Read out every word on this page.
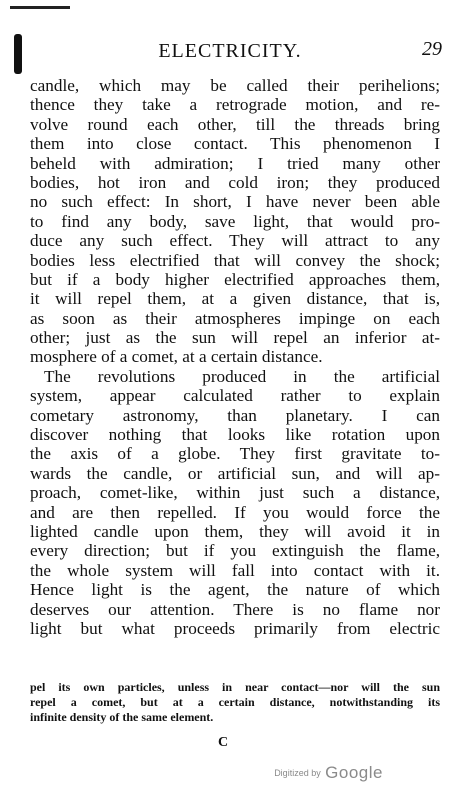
ELECTRICITY.	29
candle, which may be called their perihelions;
thence they take a retrograde motion, and re-
volve round each other, till the threads bring
them into close contact. This phenomenon I
beheld with admiration; I tried many other
bodies, hot iron and cold iron; they produced
no such effect: In short, I have never been able
to find any body, save light, that would pro-
duce any such effect. They will attract to any
bodies less electrified that will convey the shock;
but if a body higher electrified approaches them,
it will repel them, at a given distance, that is,
as soon as their atmospheres impinge on each
other; just as the sun will repel an inferior at-
mosphere of a comet, at a certain distance.
The revolutions produced in the artificial
system, appear calculated rather to explain
cometary astronomy, than planetary. I can
discover nothing that looks like rotation upon
the axis of a globe. They first gravitate to-
wards the candle, or artificial sun, and will ap-
proach, comet-like, within just such a distance,
and are then repelled. If you would force the
lighted candle upon them, they will avoid it in
every direction; but if you extinguish the flame,
the whole system will fall into contact with it.
Hence light is the agent, the nature of which
deserves our attention. There is no flame nor
light but what proceeds primarily from electric
pel its own particles, unless in near contact—nor will the sun
repel a comet, but at a certain distance, notwithstanding its
infinite density of the same element.
C
Digitized by Google
